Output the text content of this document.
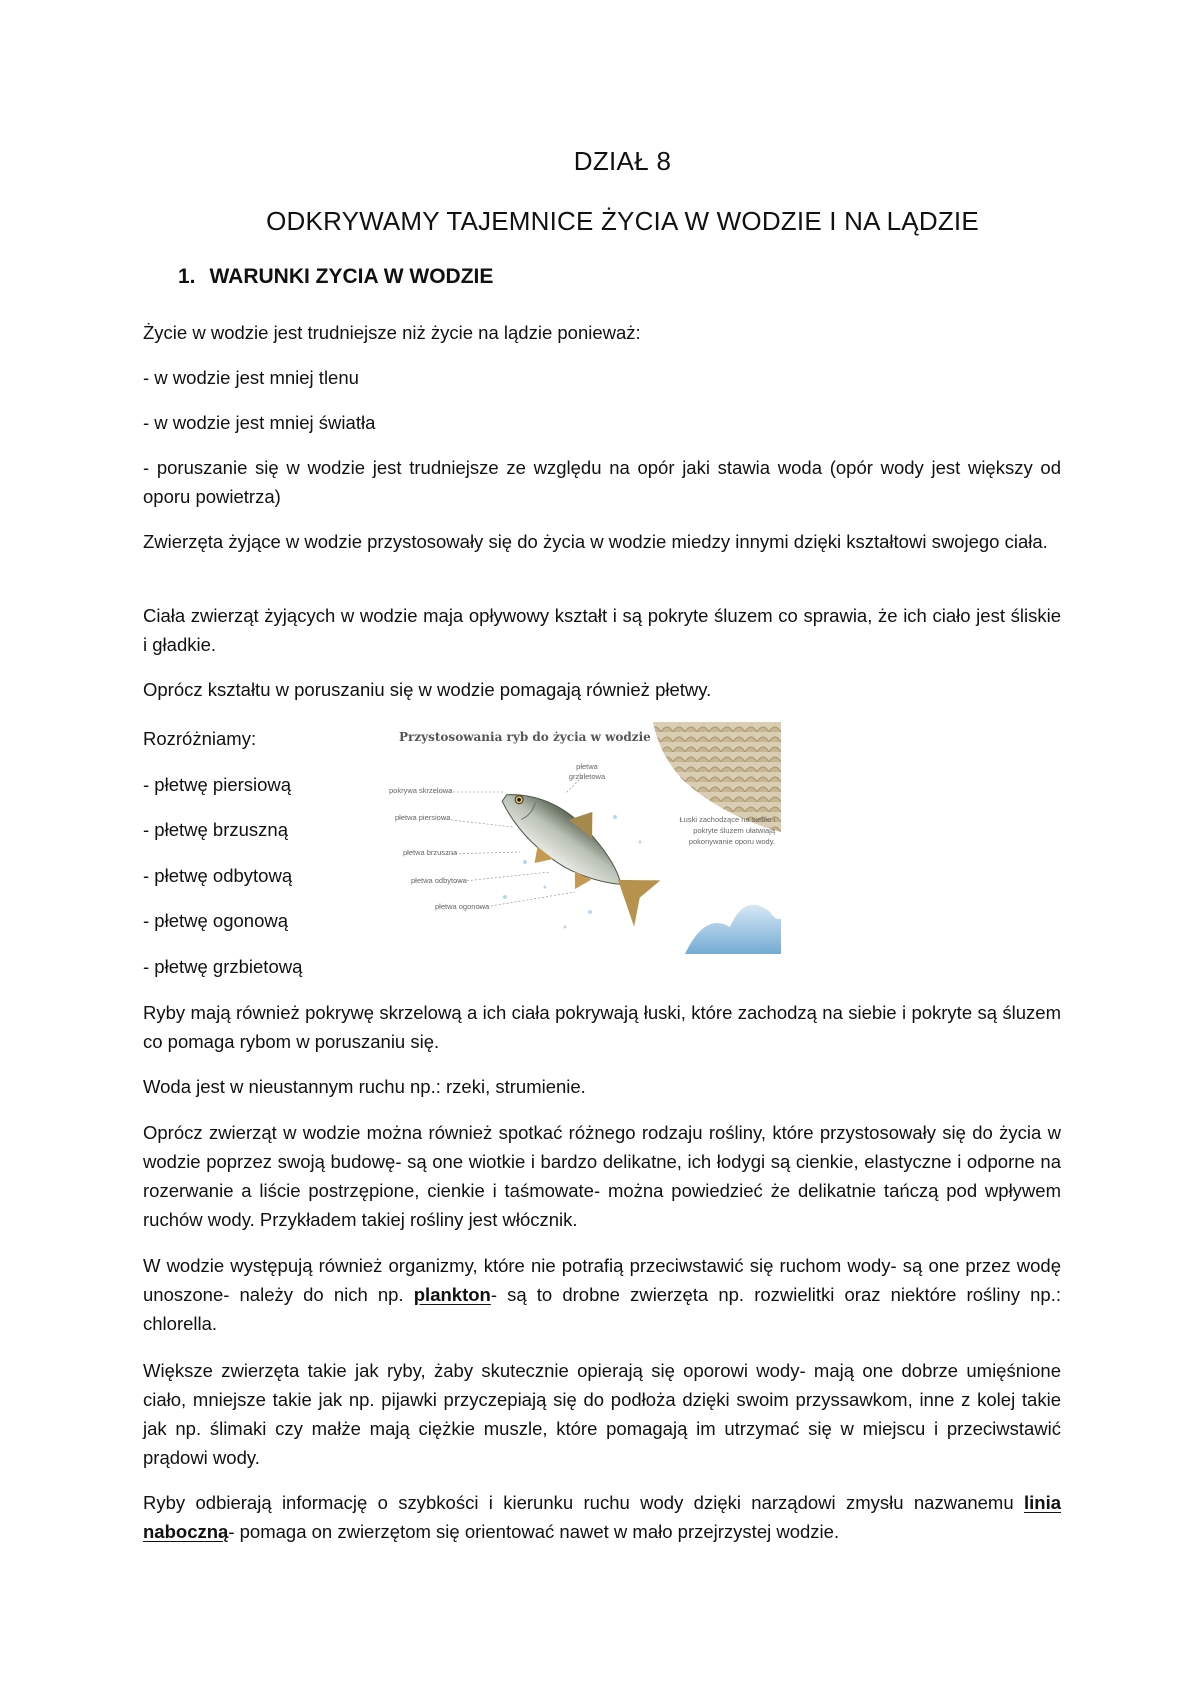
DZIAŁ 8
ODKRYWAMY TAJEMNICE ŻYCIA W WODZIE I NA LĄDZIE
1. WARUNKI ZYCIA W WODZIE
Życie w wodzie jest trudniejsze niż życie na lądzie ponieważ:
- w wodzie jest mniej tlenu
- w wodzie jest mniej światła
- poruszanie się w wodzie jest trudniejsze ze względu na opór jaki stawia woda (opór wody jest większy od oporu powietrza)
Zwierzęta żyjące w wodzie przystosowały się do życia w wodzie miedzy innymi dzięki kształtowi swojego ciała.
Ciała zwierząt żyjących w wodzie maja opływowy kształt i są pokryte śluzem co sprawia, że ich ciało jest śliskie i gładkie.
Oprócz kształtu w poruszaniu się w wodzie pomagają również płetwy.
Rozróżniamy:
- płetwę piersiową
- płetwę brzuszną
- płetwę odbytową
- płetwę ogonową
- płetwę grzbietową
Przystosowania ryb do życia w wodzie
płetwa grzbietowa
pokrywa skrzelowa
płetwa piersiowa
płetwa brzuszna
płetwa odbytowa
płetwa ogonowa
Łuski zachodzące na siebie i pokryte śluzem ułatwiają pokonywanie oporu wody.
Ryby mają również pokrywę skrzelową a ich ciała pokrywają łuski, które zachodzą na siebie i pokryte są śluzem co pomaga rybom w poruszaniu się.
Woda jest w nieustannym ruchu np.: rzeki, strumienie.
Oprócz zwierząt w wodzie można również spotkać różnego rodzaju rośliny, które przystosowały się do życia w wodzie poprzez swoją budowę- są one wiotkie i bardzo delikatne, ich łodygi są cienkie, elastyczne i odporne na rozerwanie a liście postrzępione, cienkie i taśmowate- można powiedzieć że delikatnie tańczą pod wpływem ruchów wody. Przykładem takiej rośliny jest włócznik.
W wodzie występują również organizmy, które nie potrafią przeciwstawić się ruchom wody- są one przez wodę unoszone- należy do nich np. plankton- są to drobne zwierzęta np. rozwielitki oraz niektóre rośliny np.: chlorella.
Większe zwierzęta takie jak ryby, żaby skutecznie opierają się oporowi wody- mają one dobrze umięśnione ciało, mniejsze takie jak np. pijawki przyczepiają się do podłoża dzięki swoim przyssawkom, inne z kolej takie jak np. ślimaki czy małże mają ciężkie muszle, które pomagają im utrzymać się w miejscu i przeciwstawić prądowi wody.
Ryby odbierają informację o szybkości i kierunku ruchu wody dzięki narządowi zmysłu nazwanemu linia naboczną- pomaga on zwierzętom się orientować nawet w mało przejrzystej wodzie.
